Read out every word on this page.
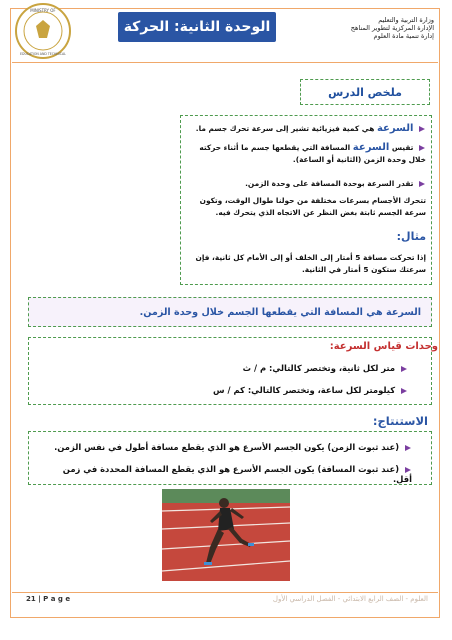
MINISTRY OF
EDUCATION AND TECHNICAL
الوحدة الثانية: الحركة	وزارة التربية والتعليم
الإدارة المركزية لتطوير المناهج
إدارة تنمية مادة العلوم
ملخص الدرس
السرعة هي كمية فيزيائية تشير إلى سرعة تحرك جسم ما.
تقيس السرعة المسافة التي يقطعها جسم ما أثناء حركته
خلال وحدة الزمن (الثانية أو الساعة).
تقدر السرعة بوحدة المسافة على وحدة الزمن.
تتحرك الأجسام بسرعات مختلفة من حولنا طوال الوقت، وتكون
سرعة الجسم ثابتة بغض النظر عن الاتجاه الذي يتحرك فيه.
مثال:
إذا تحركت مسافة 5 أمتار إلى الخلف أو إلى الأمام كل ثانية، فإن
سرعتك ستكون 5 أمتار في الثانية.
السرعة هي المسافة التي يقطعها الجسم خلال وحدة الزمن.
وحدات قياس السرعة:
متر لكل ثانية، وتختصر كالتالي: م / ث
كيلومتر لكل ساعة، وتختصر كالتالي: كم / س
الاستنتاج:
(عند ثبوت الزمن) يكون الجسم الأسرع هو الذي يقطع مسافة أطول في نفس الزمن.
(عند ثبوت المسافة) يكون الجسم الأسرع هو الذي يقطع المسافة المحددة في زمن أقل.
21 | P a g e	العلوم - الصف الرابع الابتدائي - الفصل الدراسي الأول
